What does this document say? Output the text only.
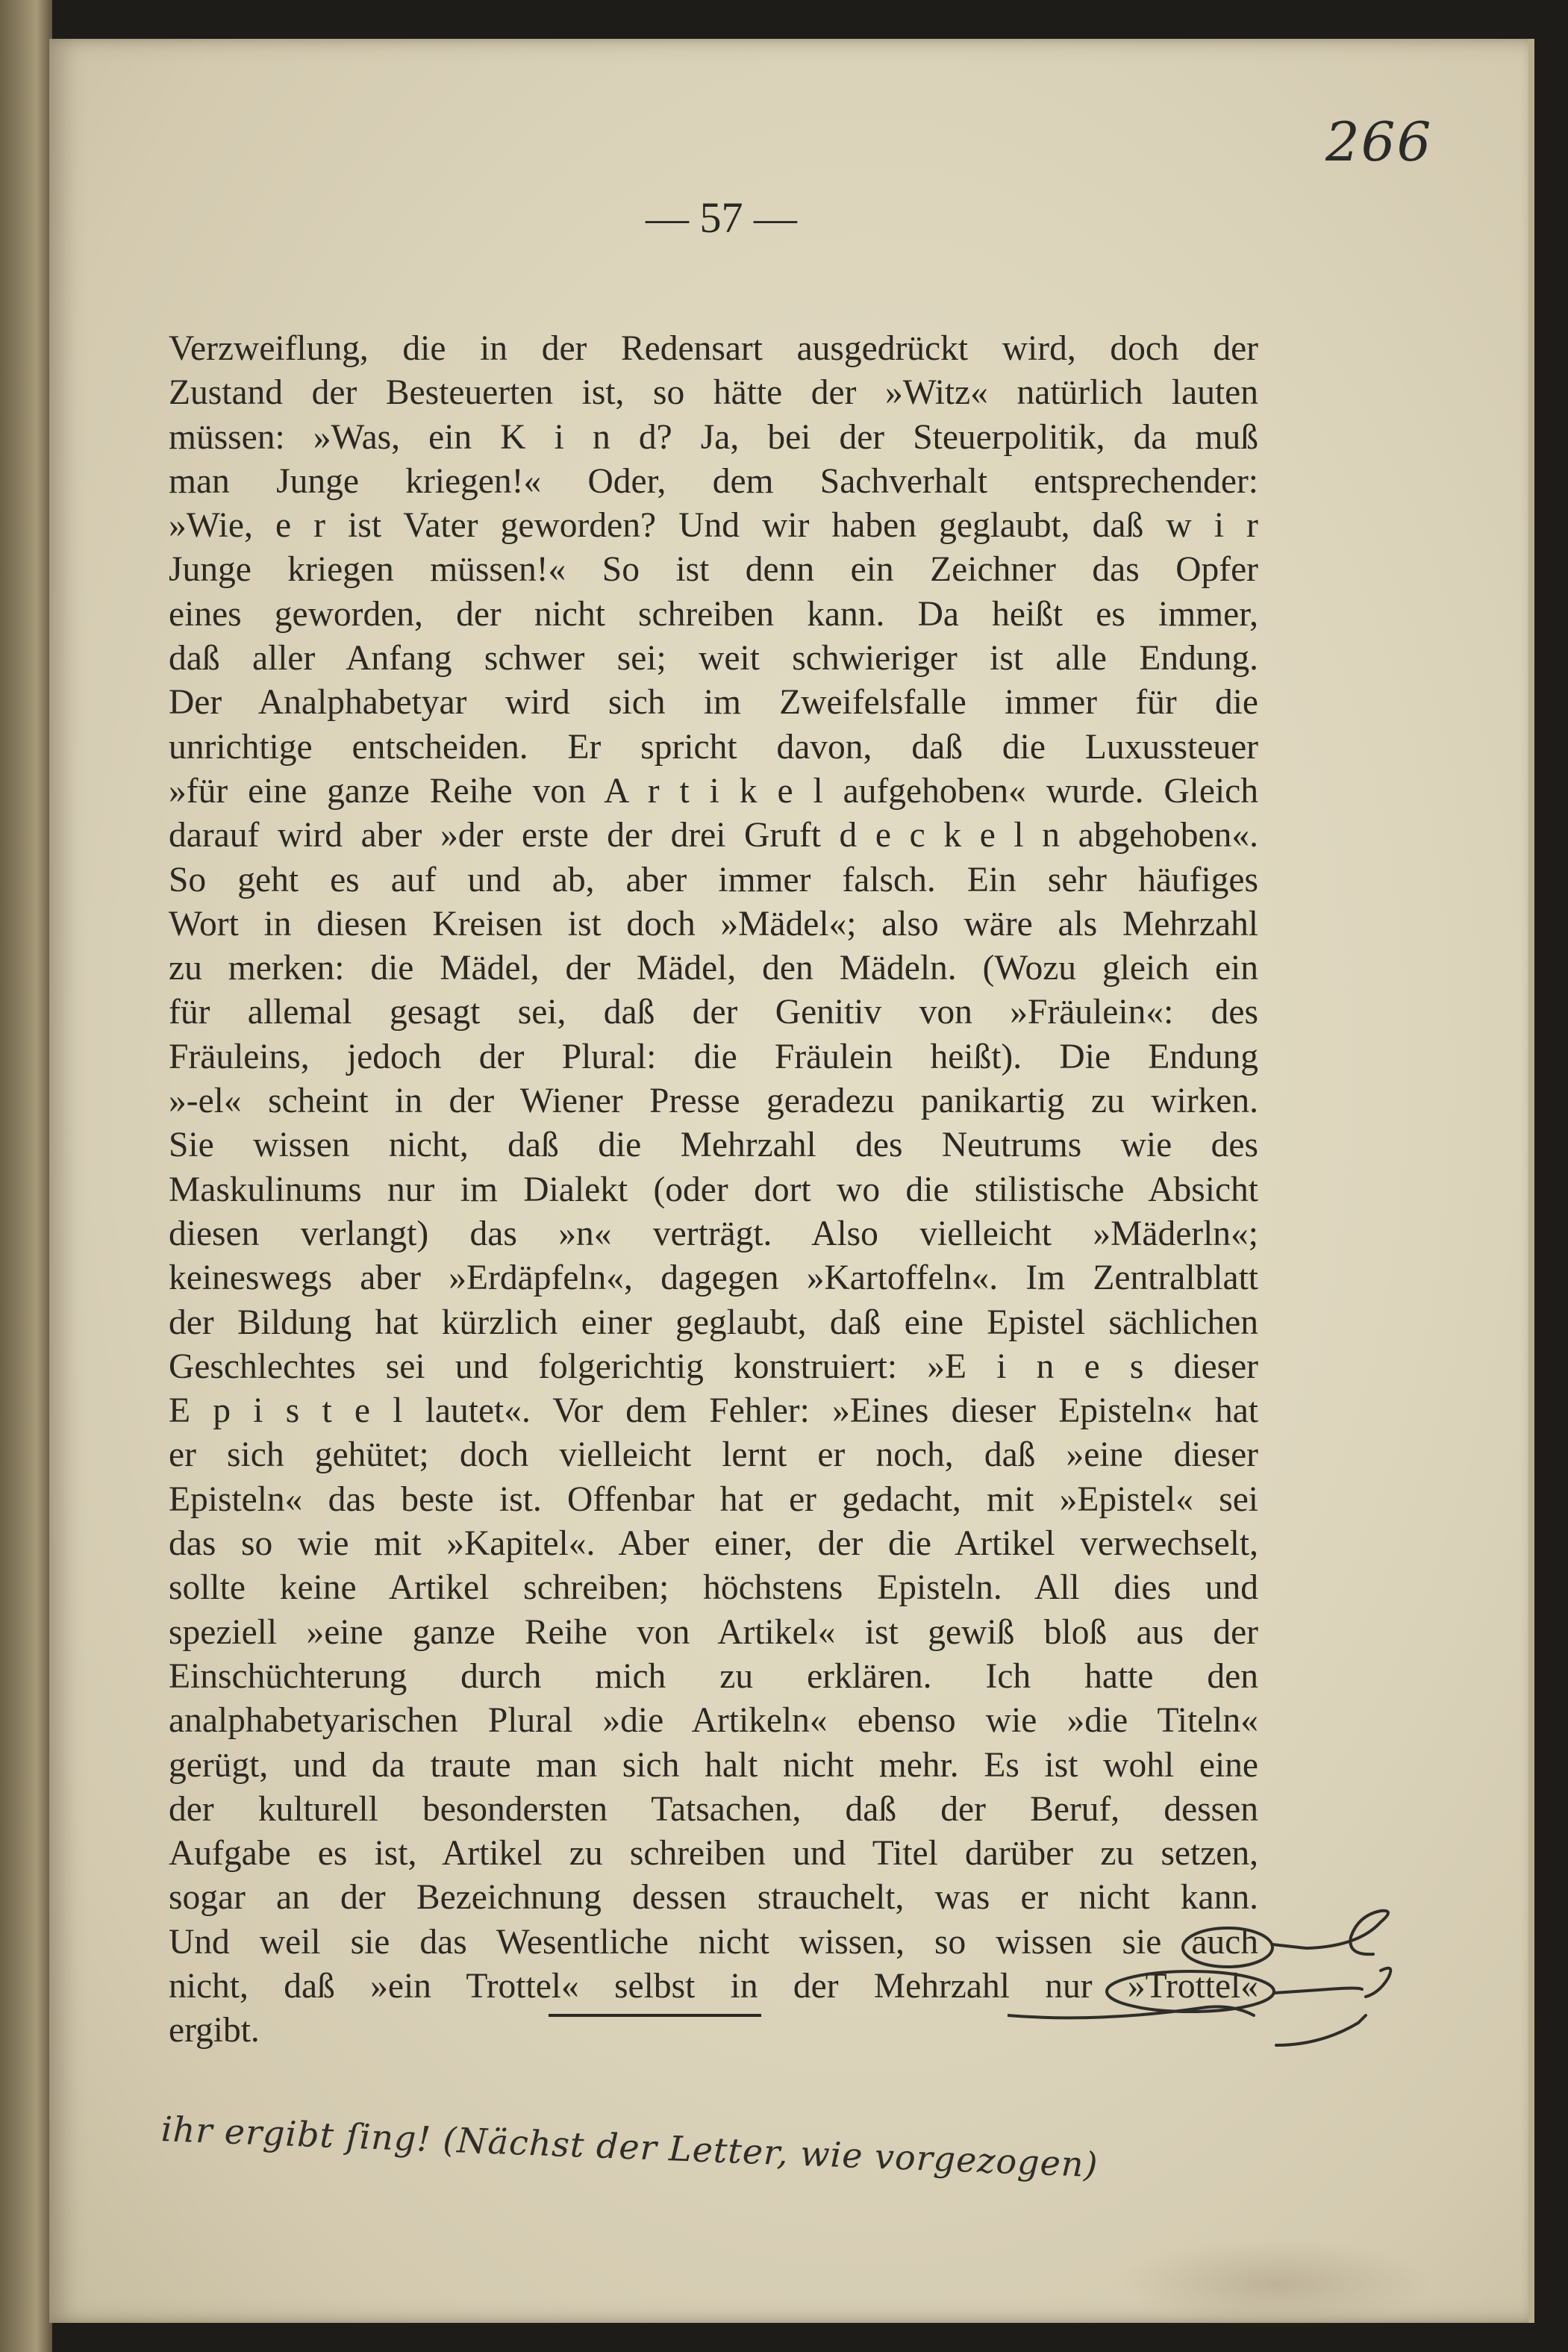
266
— 57 —
Verzweiflung, die in der Redensart ausgedrückt wird, doch der
Zustand der Besteuerten ist, so hätte der »Witz« natürlich lauten
müssen: »Was, ein K i n d? Ja, bei der Steuerpolitik, da muß
man Junge kriegen!« Oder, dem Sachverhalt entsprechender:
»Wie, e r ist Vater geworden? Und wir haben geglaubt, daß w i r
Junge kriegen müssen!« So ist denn ein Zeichner das Opfer
eines geworden, der nicht schreiben kann. Da heißt es immer,
daß aller Anfang schwer sei; weit schwieriger ist alle Endung.
Der Analphabetyar wird sich im Zweifelsfalle immer für die
unrichtige entscheiden. Er spricht davon, daß die Luxussteuer
»für eine ganze Reihe von A r t i k e l aufgehoben« wurde. Gleich
darauf wird aber »der erste der drei Gruft d e c k e l n abgehoben«.
So geht es auf und ab, aber immer falsch. Ein sehr häufiges
Wort in diesen Kreisen ist doch »Mädel«; also wäre als Mehrzahl
zu merken: die Mädel, der Mädel, den Mädeln. (Wozu gleich ein
für allemal gesagt sei, daß der Genitiv von »Fräulein«: des
Fräuleins, jedoch der Plural: die Fräulein heißt). Die Endung
»-el« scheint in der Wiener Presse geradezu panikartig zu wirken.
Sie wissen nicht, daß die Mehrzahl des Neutrums wie des
Maskulinums nur im Dialekt (oder dort wo die stilistische Absicht
diesen verlangt) das »n« verträgt. Also vielleicht »Mäderln«;
keineswegs aber »Erdäpfeln«, dagegen »Kartoffeln«. Im Zentralblatt
der Bildung hat kürzlich einer geglaubt, daß eine Epistel sächlichen
Geschlechtes sei und folgerichtig konstruiert: »E i n e s dieser
E p i s t e l lautet«. Vor dem Fehler: »Eines dieser Episteln« hat
er sich gehütet; doch vielleicht lernt er noch, daß »eine dieser
Episteln« das beste ist. Offenbar hat er gedacht, mit »Epistel« sei
das so wie mit »Kapitel«. Aber einer, der die Artikel verwechselt,
sollte keine Artikel schreiben; höchstens Episteln. All dies und
speziell »eine ganze Reihe von Artikel« ist gewiß bloß aus der
Einschüchterung durch mich zu erklären. Ich hatte den
analphabetyarischen Plural »die Artikeln« ebenso wie »die Titeln«
gerügt, und da traute man sich halt nicht mehr. Es ist wohl eine
der kulturell besondersten Tatsachen, daß der Beruf, dessen
Aufgabe es ist, Artikel zu schreiben und Titel darüber zu setzen,
sogar an der Bezeichnung dessen strauchelt, was er nicht kann.
Und weil sie das Wesentliche nicht wissen, so wissen sie auch
nicht, daß »ein Trottel« selbst in der Mehrzahl nur »Trottel«
ergibt.
ihr ergibt ſing! (Nächst der Letter, wie vorgezogen)
